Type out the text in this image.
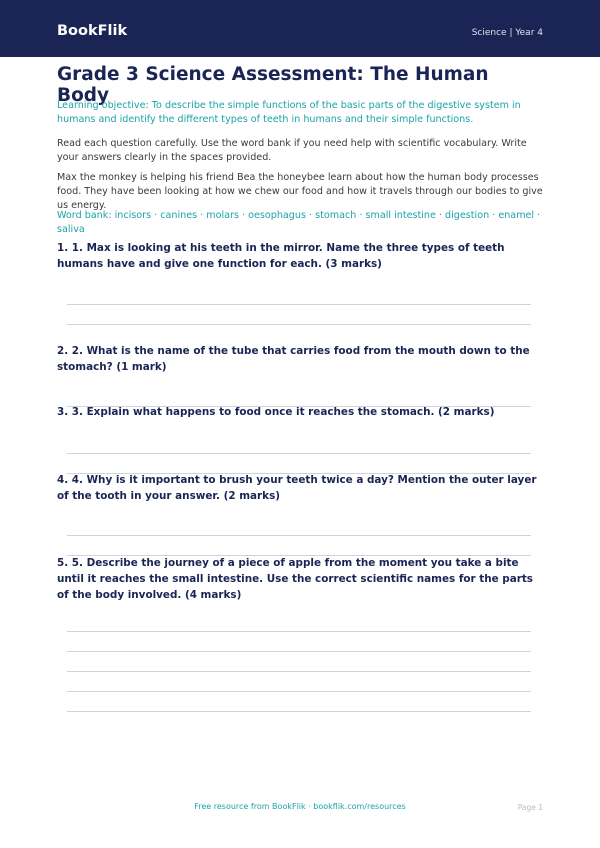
BookFlik	Science | Year 4
Grade 3 Science Assessment: The Human Body
Learning objective: To describe the simple functions of the basic parts of the digestive system in humans and identify the different types of teeth in humans and their simple functions.
Read each question carefully. Use the word bank if you need help with scientific vocabulary. Write your answers clearly in the spaces provided.
Max the monkey is helping his friend Bea the honeybee learn about how the human body processes food. They have been looking at how we chew our food and how it travels through our bodies to give us energy.
Word bank: incisors · canines · molars · oesophagus · stomach · small intestine · digestion · enamel · saliva
1. 1. Max is looking at his teeth in the mirror. Name the three types of teeth humans have and give one function for each. (3 marks)
2. 2. What is the name of the tube that carries food from the mouth down to the stomach? (1 mark)
3. 3. Explain what happens to food once it reaches the stomach. (2 marks)
4. 4. Why is it important to brush your teeth twice a day? Mention the outer layer of the tooth in your answer. (2 marks)
5. 5. Describe the journey of a piece of apple from the moment you take a bite until it reaches the small intestine. Use the correct scientific names for the parts of the body involved. (4 marks)
Free resource from BookFlik · bookflik.com/resources	Page 1
